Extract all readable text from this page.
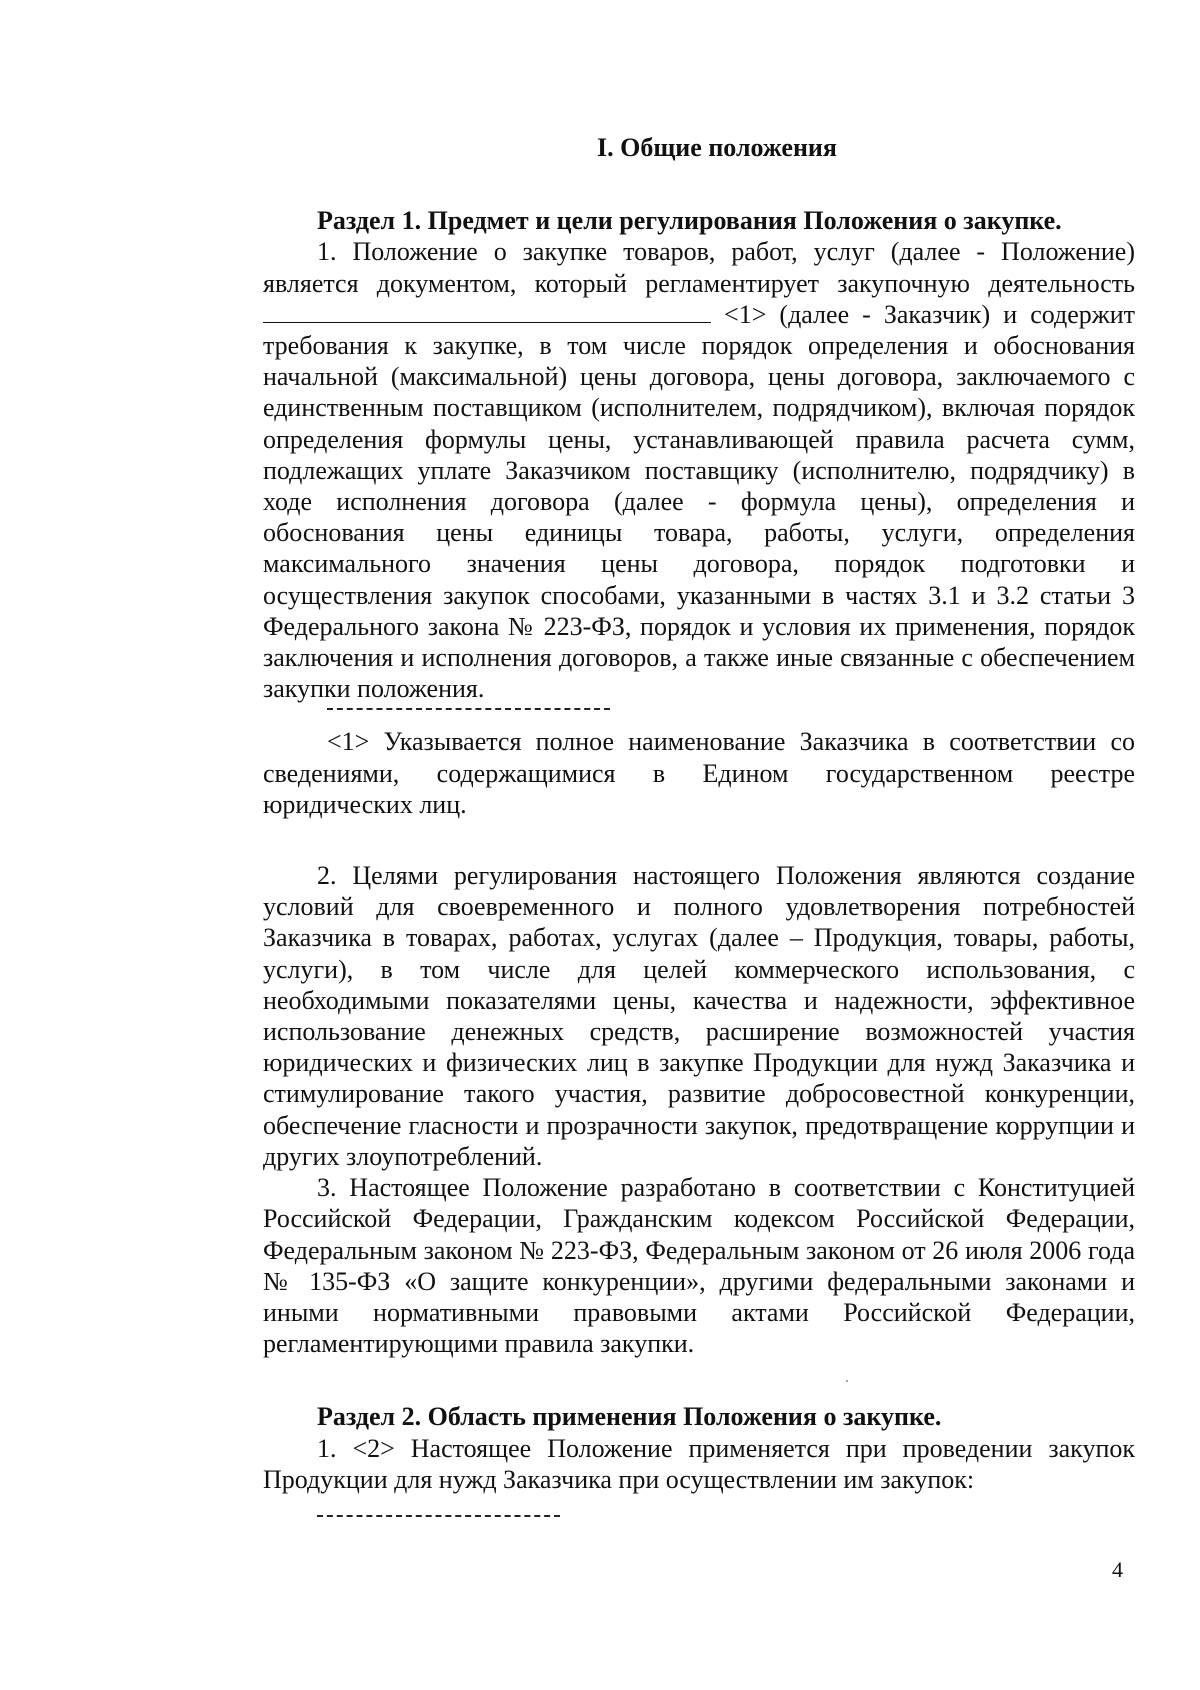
I. Общие положения
Раздел 1. Предмет и цели регулирования Положения о закупке.

1. Положение о закупке товаров, работ, услуг (далее - Положение) является документом, который регламентирует закупочную деятельность  <1> (далее - Заказчик) и содержит требования к закупке, в том числе порядок определения и обоснования начальной (максимальной) цены договора, цены договора, заключаемого с единственным поставщиком (исполнителем, подрядчиком), включая порядок определения формулы цены, устанавливающей правила расчета сумм, подлежащих уплате Заказчиком поставщику (исполнителю, подрядчику) в ходе исполнения договора (далее - формула цены), определения и обоснования цены единицы товара, работы, услуги, определения максимального значения цены договора, порядок подготовки и осуществления закупок способами, указанными в частях 3.1 и 3.2 статьи 3 Федерального закона № 223-ФЗ, порядок и условия их применения, порядок заключения и исполнения договоров, а также иные связанные с обеспечением закупки положения.

<1> Указывается полное наименование Заказчика в соответствии со сведениями, содержащимися в Едином государственном реестре юридических лиц.

2. Целями регулирования настоящего Положения являются создание условий для своевременного и полного удовлетворения потребностей Заказчика в товарах, работах, услугах (далее – Продукция, товары, работы, услуги), в том числе для целей коммерческого использования, с необходимыми показателями цены, качества и надежности, эффективное использование денежных средств, расширение возможностей участия юридических и физических лиц в закупке Продукции для нужд Заказчика и стимулирование такого участия, развитие добросовестной конкуренции, обеспечение гласности и прозрачности закупок, предотвращение коррупции и других злоупотреблений.

3. Настоящее Положение разработано в соответствии с Конституцией Российской Федерации, Гражданским кодексом Российской Федерации, Федеральным законом № 223-ФЗ, Федеральным законом от 26 июля 2006 года № 135-ФЗ «О защите конкуренции», другими федеральными законами и иными нормативными правовыми актами Российской Федерации, регламентирующими правила закупки.

Раздел 2. Область применения Положения о закупке.

1. <2> Настоящее Положение применяется при проведении закупок Продукции для нужд Заказчика при осуществлении им закупок:

4
